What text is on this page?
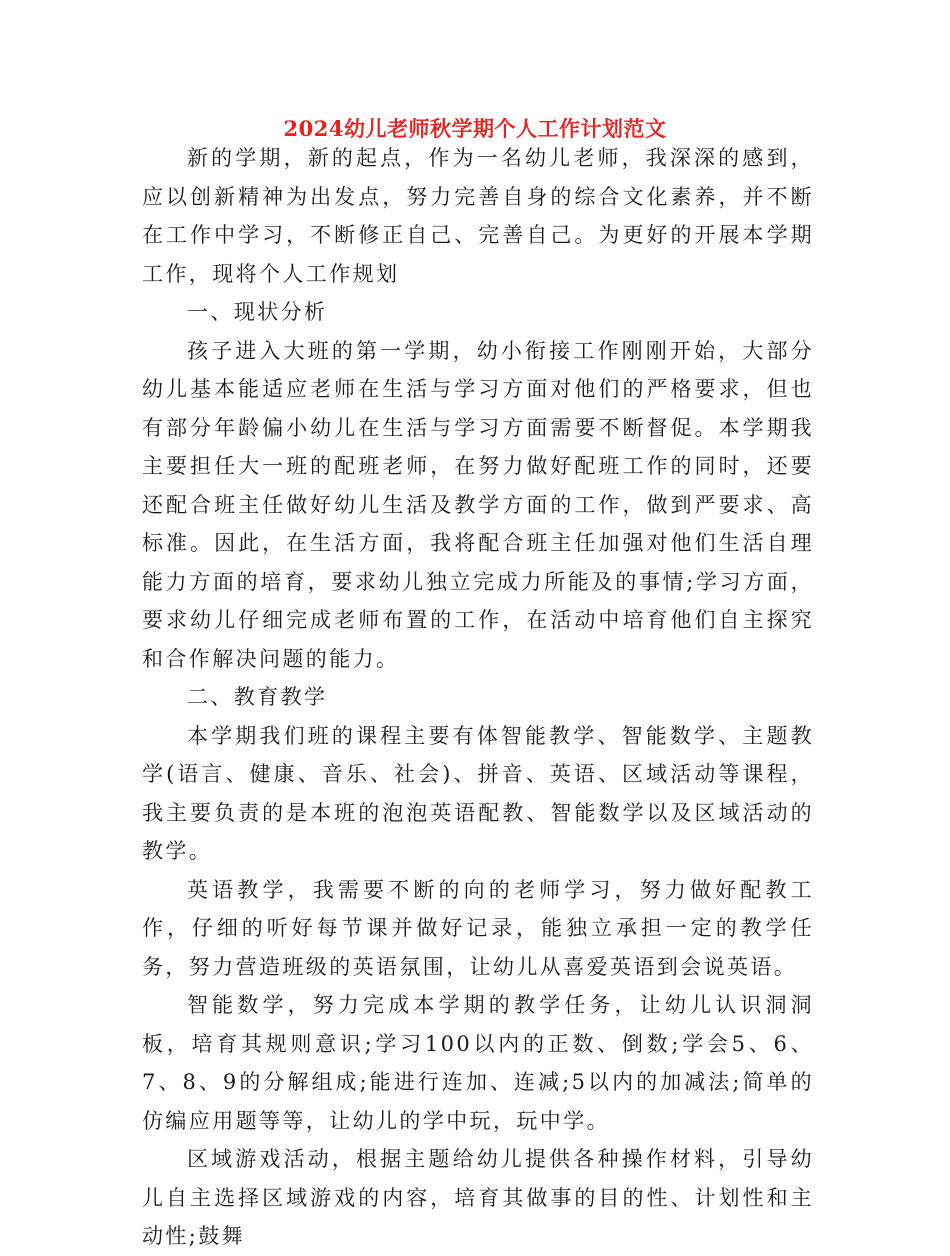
2024幼儿老师秋学期个人工作计划范文

新的学期，新的起点，作为一名幼儿老师，我深深的感到，应以创新精神为出发点，努力完善自身的综合文化素养，并不断在工作中学习，不断修正自己、完善自己。为更好的开展本学期工作，现将个人工作规划

一、现状分析

孩子进入大班的第一学期，幼小衔接工作刚刚开始，大部分幼儿基本能适应老师在生活与学习方面对他们的严格要求，但也有部分年龄偏小幼儿在生活与学习方面需要不断督促。本学期我主要担任大一班的配班老师，在努力做好配班工作的同时，还要还配合班主任做好幼儿生活及教学方面的工作，做到严要求、高标准。因此，在生活方面，我将配合班主任加强对他们生活自理能力方面的培育，要求幼儿独立完成力所能及的事情;学习方面，要求幼儿仔细完成老师布置的工作，在活动中培育他们自主探究和合作解决问题的能力。

二、教育教学

本学期我们班的课程主要有体智能教学、智能数学、主题教学(语言、健康、音乐、社会)、拼音、英语、区域活动等课程，我主要负责的是本班的泡泡英语配教、智能数学以及区域活动的教学。

英语教学，我需要不断的向的老师学习，努力做好配教工作，仔细的听好每节课并做好记录，能独立承担一定的教学任务，努力营造班级的英语氛围，让幼儿从喜爱英语到会说英语。

智能数学，努力完成本学期的教学任务，让幼儿认识洞洞板，培育其规则意识;学习100以内的正数、倒数;学会5、6、7、8、9的分解组成;能进行连加、连减;5以内的加减法;简单的仿编应用题等等，让幼儿的学中玩，玩中学。

区域游戏活动，根据主题给幼儿提供各种操作材料，引导幼儿自主选择区域游戏的内容，培育其做事的目的性、计划性和主动性;鼓舞
